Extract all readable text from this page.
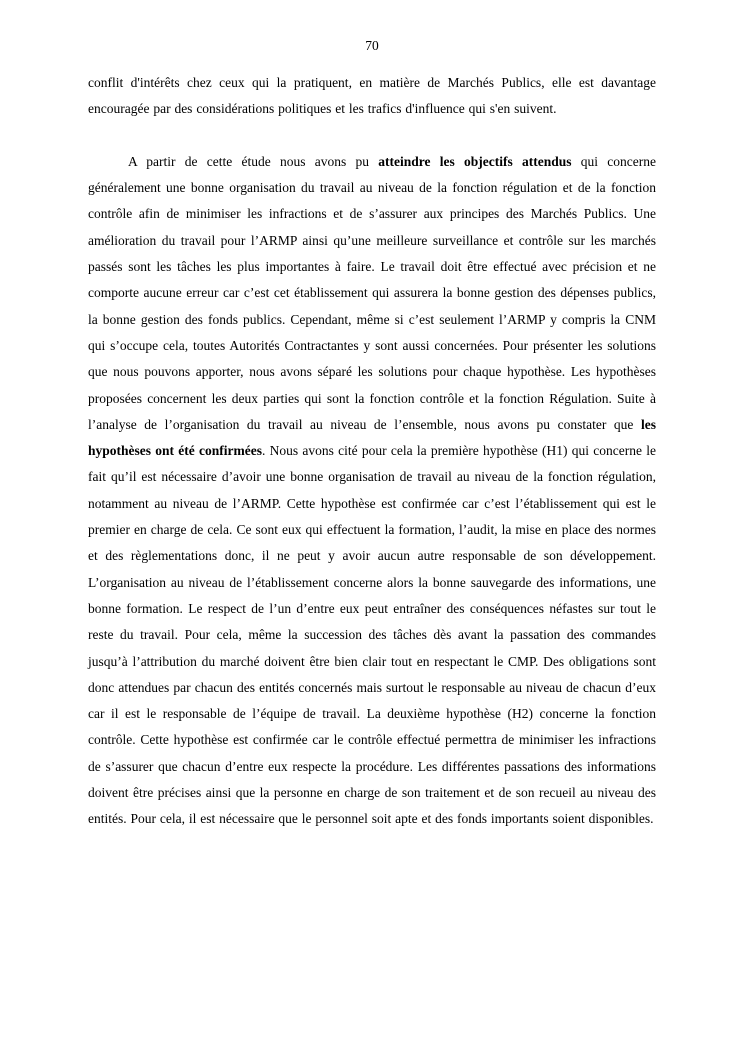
70

conflit d'intérêts chez ceux qui la pratiquent, en matière de Marchés Publics, elle est davantage encouragée par des considérations politiques et les trafics d'influence qui s'en suivent.

A partir de cette étude nous avons pu atteindre les objectifs attendus qui concerne généralement une bonne organisation du travail au niveau de la fonction régulation et de la fonction contrôle afin de minimiser les infractions et de s’assurer aux principes des Marchés Publics. Une amélioration du travail pour l’ARMP ainsi qu’une meilleure surveillance et contrôle sur les marchés passés sont les tâches les plus importantes à faire. Le travail doit être effectué avec précision et ne comporte aucune erreur car c’est cet établissement qui assurera la bonne gestion des dépenses publics, la bonne gestion des fonds publics. Cependant, même si c’est seulement l’ARMP y compris la CNM qui s’occupe cela, toutes Autorités Contractantes y sont aussi concernées. Pour présenter les solutions que nous pouvons apporter, nous avons séparé les solutions pour chaque hypothèse. Les hypothèses proposées concernent les deux parties qui sont la fonction contrôle et la fonction Régulation. Suite à l’analyse de l’organisation du travail au niveau de l’ensemble, nous avons pu constater que les hypothèses ont été confirmées. Nous avons cité pour cela la première hypothèse (H1) qui concerne le fait qu’il est nécessaire d’avoir une bonne organisation de travail au niveau de la fonction régulation, notamment au niveau de l’ARMP. Cette hypothèse est confirmée car c’est l’établissement qui est le premier en charge de cela. Ce sont eux qui effectuent la formation, l’audit, la mise en place des normes et des règlementations donc, il ne peut y avoir aucun autre responsable de son développement. L’organisation au niveau de l’établissement concerne alors la bonne sauvegarde des informations, une bonne formation. Le respect de l’un d’entre eux peut entraîner des conséquences néfastes sur tout le reste du travail. Pour cela, même la succession des tâches dès avant la passation des commandes jusqu’à l’attribution du marché doivent être bien clair tout en respectant le CMP. Des obligations sont donc attendues par chacun des entités concernés mais surtout le responsable au niveau de chacun d’eux car il est le responsable de l’équipe de travail. La deuxième hypothèse (H2) concerne la fonction contrôle. Cette hypothèse est confirmée car le contrôle effectué permettra de minimiser les infractions de s’assurer que chacun d’entre eux respecte la procédure. Les différentes passations des informations doivent être précises ainsi que la personne en charge de son traitement et de son recueil au niveau des entités. Pour cela, il est nécessaire que le personnel soit apte et des fonds importants soient disponibles.
